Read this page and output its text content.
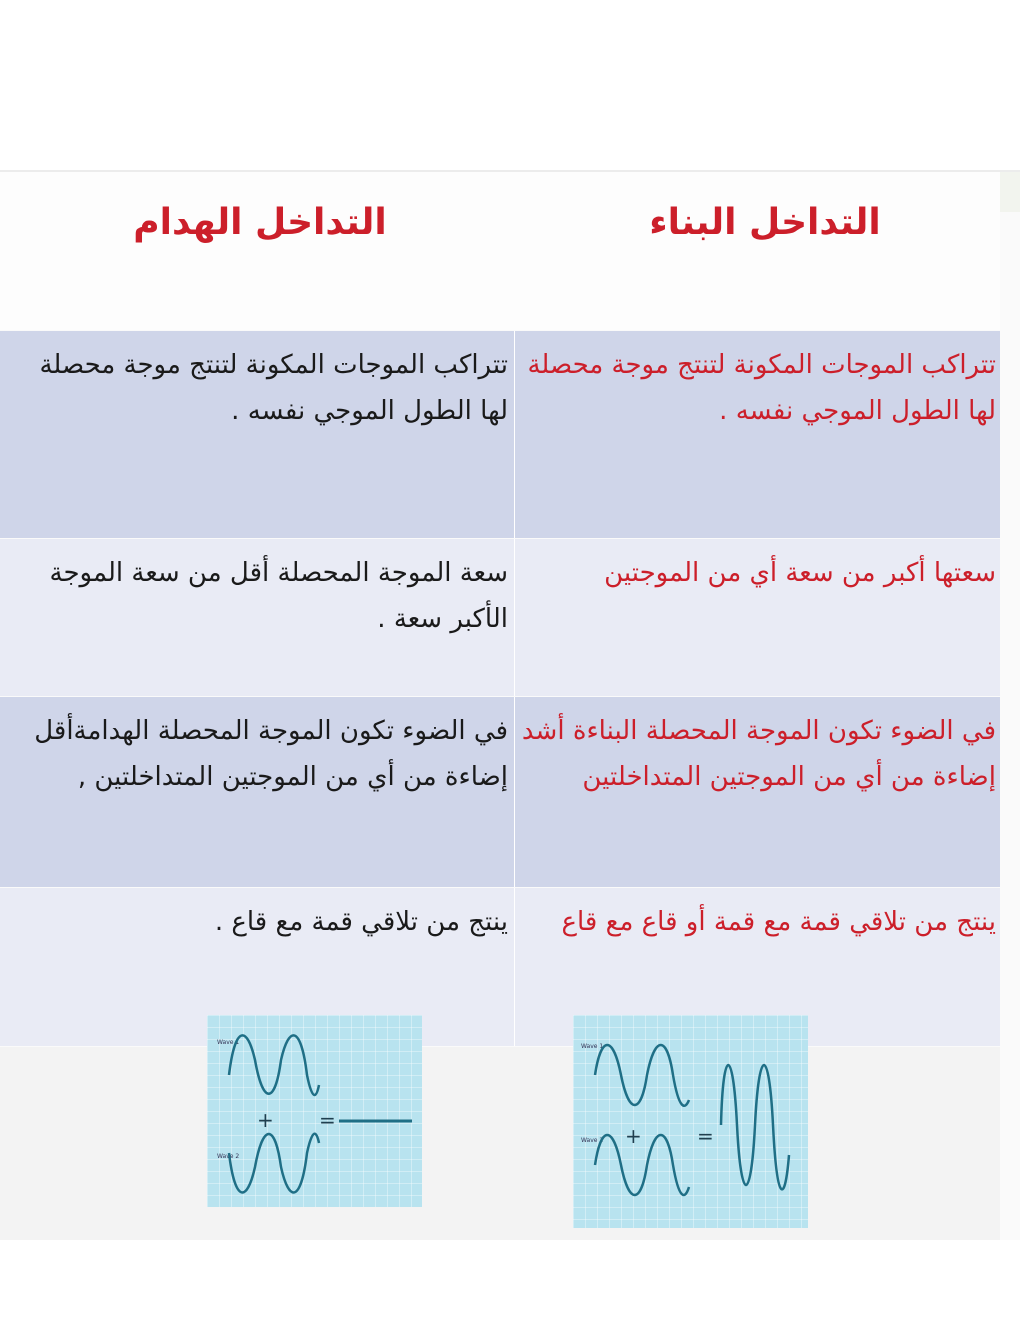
التداخل البناء
التداخل الهدام
تتراكب الموجات المكونة لتنتج موجة محصلة لها الطول الموجي نفسه .
تتراكب الموجات المكونة لتنتج موجة محصلة لها الطول الموجي نفسه .
سعتها أكبر من سعة أي من الموجتين
سعة الموجة المحصلة أقل من سعة الموجة الأكبر سعة .
في الضوء تكون الموجة المحصلة البناءة أشد إضاءة من أي من الموجتين المتداخلتين
في الضوء تكون الموجة المحصلة الهدامةأقل إضاءة من أي من الموجتين المتداخلتين ,
ينتج من تلاقي قمة مع قمة أو قاع مع قاع
ينتج من تلاقي قمة مع قاع .
Wave 1
Wave 2
+ =
Wave 1
Wave 2 +	=
